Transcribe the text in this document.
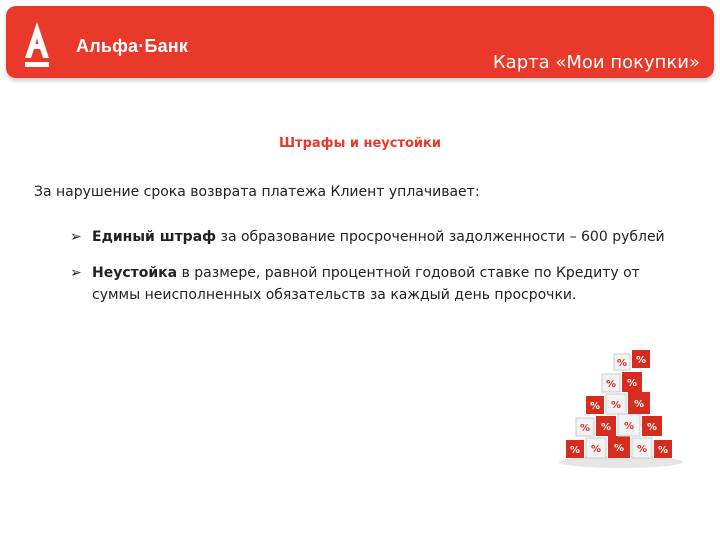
Альфа·Банк
Карта «Мои покупки»
Штрафы и неустойки
За нарушение срока возврата платежа Клиент уплачивает:
➢ Единый штраф за образование просроченной задолженности – 600 рублей
➢ Неустойка в размере, равной процентной годовой ставке по Кредиту от суммы неисполненных обязательств за каждый день просрочки.
% % % % %
% % % %
% % %
% %
%
%
